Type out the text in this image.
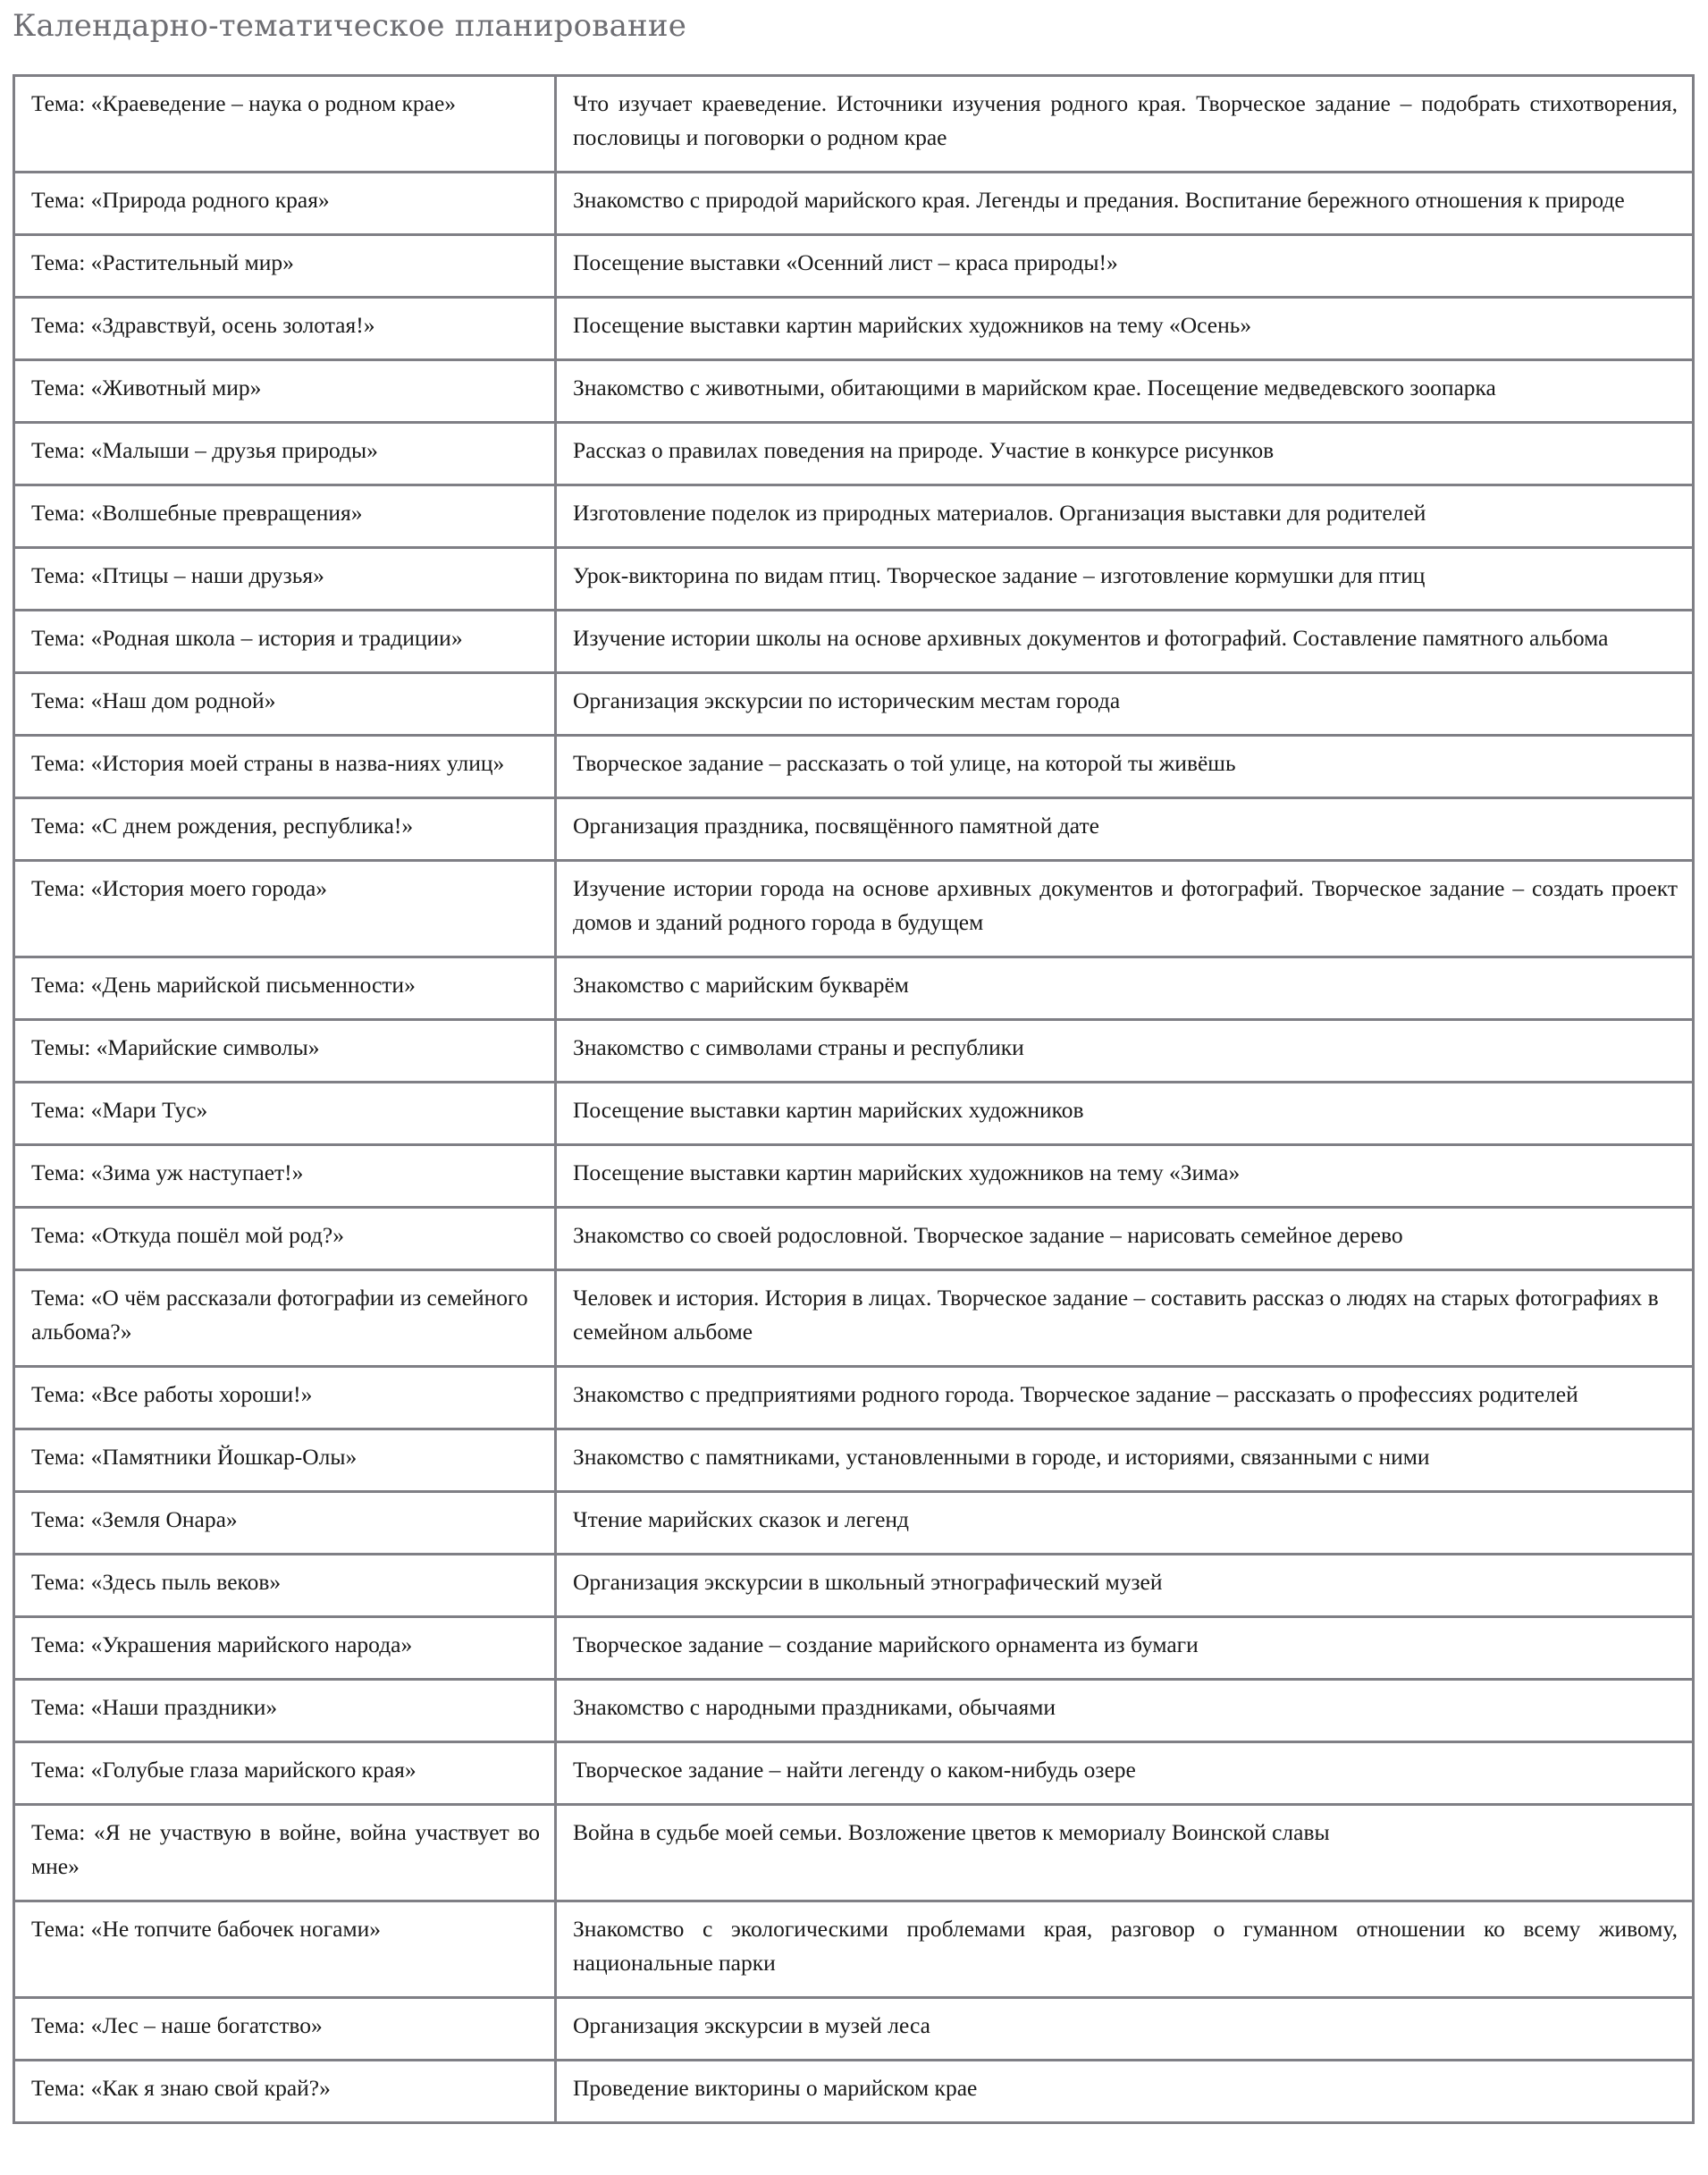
Календарно-тематическое планирование
Тема: «Краеведение – наука о родном крае»	Что изучает краеведение. Источники изучения родного края. Творческое задание – подобрать стихотворения, пословицы и поговорки о родном крае
Тема: «Природа родного края»	Знакомство с природой марийского края. Легенды и предания. Воспитание бережного отношения к природе
Тема: «Растительный мир»	Посещение выставки «Осенний лист – краса природы!»
Тема: «Здравствуй, осень золотая!»	Посещение выставки картин марийских художников на тему «Осень»
Тема: «Животный мир»	Знакомство с животными, обитающими в марийском крае. Посещение медведевского зоопарка
Тема: «Малыши – друзья природы»	Рассказ о правилах поведения на природе. Участие в конкурсе рисунков
Тема: «Волшебные превращения»	Изготовление поделок из природных материалов. Организация выставки для родителей
Тема: «Птицы – наши друзья»	Урок-викторина по видам птиц. Творческое задание – изготовление кормушки для птиц
Тема: «Родная школа – история и традиции»	Изучение истории школы на основе архивных документов и фотографий. Составление памятного альбома
Тема: «Наш дом родной»	Организация экскурсии по историческим местам города
Тема: «История моей страны в назва-ниях улиц»	Творческое задание – рассказать о той улице, на которой ты живёшь
Тема: «С днем рождения, республика!»	Организация праздника, посвящённого памятной дате
Тема: «История моего города»	Изучение истории города на основе архивных документов и фотографий. Творческое задание – создать проект домов и зданий родного города в будущем
Тема: «День марийской письменности»	Знакомство с марийским букварём
Темы: «Марийские символы»	Знакомство с символами страны и республики
Тема: «Мари Тус»	Посещение выставки картин марийских художников
Тема: «Зима уж наступает!»	Посещение выставки картин марийских художников на тему «Зима»
Тема: «Откуда пошёл мой род?»	Знакомство со своей родословной. Творческое задание – нарисовать семейное дерево
Тема: «О чём рассказали фотографии из семейного альбома?»	Человек и история. История в лицах. Творческое задание – составить рассказ о людях на старых фотографиях в семейном альбоме
Тема: «Все работы хороши!»	Знакомство с предприятиями родного города. Творческое задание – рассказать о профессиях родителей
Тема: «Памятники Йошкар-Олы»	Знакомство с памятниками, установленными в городе, и историями, связанными с ними
Тема: «Земля Онара»	Чтение марийских сказок и легенд
Тема: «Здесь пыль веков»	Организация экскурсии в школьный этнографический музей
Тема: «Украшения марийского народа»	Творческое задание – создание марийского орнамента из бумаги
Тема: «Наши праздники»	Знакомство с народными праздниками, обычаями
Тема: «Голубые глаза марийского края»	Творческое задание – найти легенду о каком-нибудь озере
Тема: «Я не участвую в войне, война участвует во мне»	Война в судьбе моей семьи. Возложение цветов к мемориалу Воинской славы
Тема: «Не топчите бабочек ногами»	Знакомство с экологическими проблемами края, разговор о гуманном отношении ко всему живому, национальные парки
Тема: «Лес – наше богатство»	Организация экскурсии в музей леса
Тема: «Как я знаю свой край?»	Проведение викторины о марийском крае
